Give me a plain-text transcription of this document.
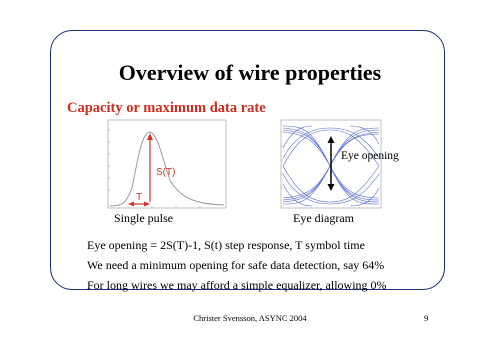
Overview of wire properties
Capacity or maximum data rate
S(T)
T
Single pulse
Eye opening
Eye diagram
Eye opening = 2S(T)-1, S(t) step response, T symbol time
We need a minimum opening for safe data detection, say 64%
For long wires we may afford a simple equalizer, allowing 0%
Christer Svensson, ASYNC 2004	9
